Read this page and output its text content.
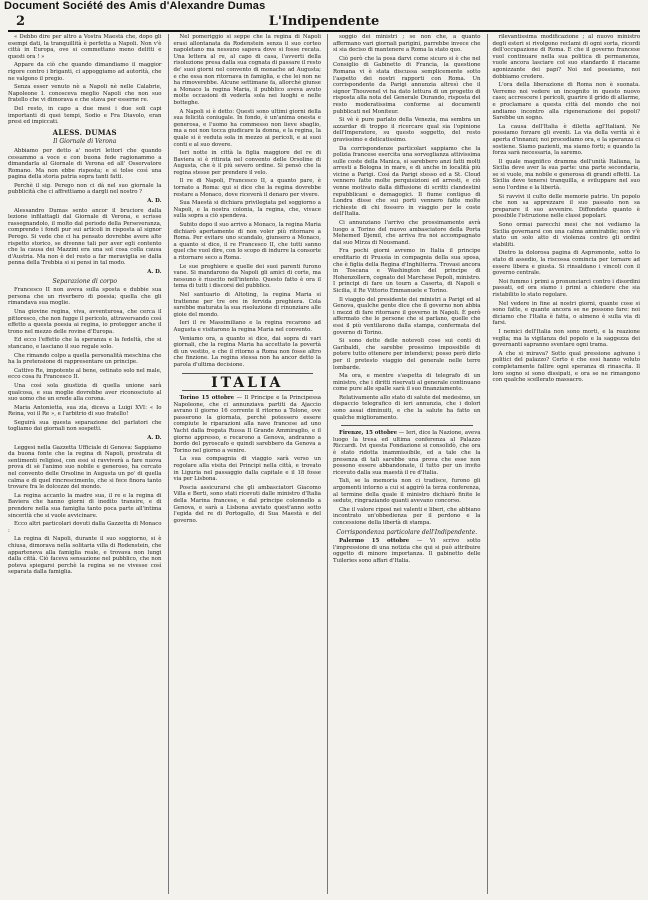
Document Société des Amis d'Alexandre Dumas
2	L'Indipendente

« Debbo dire per altro a Vostra Maestà che, dopo gli esempi dati, la tranquillità è perfetta a Napoli. Non v'è città in Europa, ove si commettano meno delitti e questi ora ! »

Appare da ciò che quando dimandiamo il maggior rigore contro i briganti, ci appoggiamo ad autorità, che ne valgono il pregio.

Senza esser venuto nè a Napoli nè nelle Calabrie, Napoleone I. conosceva meglio Napoli che non suo fratello che vi dimorava e che stava per esserne re.

Del resto, in capo a due mesi i due soli capi importanti di quei tempi, Sodio e Fra Diavolo, eran presi ed impiccati.

ALESS. DUMAS
Il Giornale di Verona

Abbiamo per detto a' nostri lettori che quando cessammo a voce e con buona fede ragionammo a dimandarla al Giornale di Verona ed all' Osservatore Romano. Ma non ebbe risposta; e si tolse così una pagina della storia patria sopra tanti fatti.

Perchè il sig. Perego non ci dà nel suo giornale la pubblicità che ci affrettiamo a dargli nel nostro ?

A. D.

Alessandro Dumas sento ancor il bruciore dalla lezione infilattagli dal Giornale di Verona, e scrisse rassegnandolo, il molto dal periodo della Perseveranza, comprendo i fondi pur sui articoli in risposta al signor Perego. Si vede che ci ha pensato dovrebbe avere alto rispetto storico, se divenne tali per aver egli contento che la causa dei Mazzini era una sol cosa colla causa d'Austria. Ma non è del resto a far meraviglia se dalla penna della Trebbia si si pensi in tal modo.

A. D.
Separazione di corpo

Francesco II non aveva sulla sposta e dubbie sua persona che un riverbero di poesia; quella che gli rimandava sua moglie.

Una giovine regina, viva, avventurosa, che cerca il pittoresco, che non fugge il pericolo, attraversando così effetto a questa poesia ai regina, io protegger anche il trono nel mezzo delle rovine d'Europa.

Ed ecco l'effetto che la speranza e la fedeltà, che si stancano, e lasciano il suo regale solo.

Che rimando colpo a quella personalità meschina che ha la pretensione di rappresentare un principe.

Cattivo Re, impotente al bene, ostinato solo nel male, ecco cosa fu Francesco II.

Una così sola giustizia di quella unione sarà qualcosa, e sua moglie dovrebbe aver riconosciuto al suo uomo che un erede alla corona.

Maria Antonietta, sua zia, diceva a Luigi XVI: « Io Reina, voi il Re », e l'arbitrio di suo fratello!

Seguirà sua questa separazione del parlatori che togliamo dai giornali non sospetti.

A. D.

Leggesi nella Gazzetta Ufficiale di Genova: Sappiamo da buona fonte che la regina di Napoli, prostrata di sentimenti religiosi, con essi si ravviverà a fare nuova prova di sè l'animo suo nobile e generoso, ha cercato nel convento delle Orsoline in Augusta un po' di quella calma e di quel rincrescimento, che si fece finora tanto trovare fra le dolcezze del mondo.

La regina accanto la madre sua, il re e la regina di Baviera che hanno giorni di inedito transire, e di prendere nella sua famiglia tanto poca parte all'intima sincerità che si vuole avvicinare.

Ecco altri particolari dovuti dalla Gazzetta di Monaco :

La regina di Napoli, durante il suo soggiorno, si è chiusa, dimorava nella solitaria villa di Rodenstein, che apparteneva alla famiglia reale, e trovava non lungi dalla città. Ciò faceva sensazione nel pubblico, che non poteva spiegarsi perchè la regina se ne vivesse così separata dalla famiglia.

Nel pomeriggio si seppe che la regina di Napoli erasi allontanata da Rodenstein senza il suo corteo napoletano ma nessuno sapeva dove si fosse recata. Una lettera al re, al capo di casa, l'avverti della risoluzione presa dalla sua cognata di passare il resto de' suoi giorni nel convento di monache ad Augusta; e che essa non ritornava in famiglia, e che lei non ne ha rimoverebbe. Alcune settimane fa, allorchè giunse a Monaco la regina Maria, il pubblico aveva avuto molte occasioni di vederla sola nei luoghi e nelle botteghe.

A Napoli si è detto: Questi sono ultimi giorni della sua felicità coniugale. In fondo, è un'anima onesta e generosa, e l'uomo ha commesso non lieve sbaglio, ma a noi non tocca giudicare la donna, e la regina, la quale si è veduta sola in mezzo ai pericoli, e ai suoi conti e al suo dovere.

Ieri notte in città la figlia maggiore del re di Baviera si è ritirata nel convento delle Orsoline di Augusta, che è il più severo ordine. Si pensò che la regina stesse per prendere il velo.

Il re di Napoli, Francesco II, a quanto pare, è tornato a Roma: qui si dice che la regina dovrebbe restare a Monaco, dove riceverà il denaro per vivere.

Sua Maestà si dichiara privilegiata pel soggiorno a Napoli, e la nostra colonia, la regina, che, vivace sulla sopra a ciò spendeva.

Subito dopo il suo arrivo a Monaco, la regina Maria dichiarò apertamente di non voler più ritornare a Roma. Per evitare uno scandalo, giunsero a Monaco, a quanto si dice, il re Francesco II, che tutti sanno quel che vuol dire, con lo scopo di indurre la consorte a ritornare seco a Roma.

Le sue preghiere e quelle dei suoi parenti furono vane. Si mandarono da Napoli gli amici di corte, ma nessuno è riuscito nell'intento. Questo fatto è ora il tema di tutti i discorsi del pubblico.

Nel santuario di Altoting, la regina Maria si trattenne per tre ore in fervida preghiera. Cola sarebbe maturata la sua risoluzione di rinunziare alle gioie del mondo.

Ieri il re Massimiliano e la regina recarono ad Augusta e visitarono la regina Maria nel convento.

Veniamo ora, a quanto si dice, dai sopra di vari giornali, che la regina Maria ha accettato la povertà di un vestito, e che il ritorno a Roma non fosse altro che finzione. La regina stessa non ha ancor detto la parola d'ultima decisione.

ITALIA

Torino 15 ottobre — Il Principe e la Principessa Napoleone, che ci annunziava partiti da Ajaccio avrano il giorno 16 corrente il ritorno a Tolone, ove passerono la giornata, perchè potessero essere compiute le riparazioni alla nave francese ad uno Yacht dalla fregata Russa Il Grande Ammiraglio, e il giorno appresso, e recarono a Genova, andranno a bordo del pyroscafo e quindi sarebbero da Genova a Torino nel giorno a venire.

La sua compagnia di viaggio sarà verso un regolare alla visita dei Principi nella città, e trovato in Liguria nel passaggio dalla capitale e il 18 fosse via per Lisbona.

Poscia assicurarsi che gli ambasciatori Giacomo Villa e Berti, sono stati ricevuti dalle ministro d'Italia della Marina francese, e dal principe colonnello a Genova, e sarà a Lisbona avviato quest'anno sotto l'egida del re di Portogallo, di Sua Maestà e del governo.

soggio dei ministri ; se non che, a quanto affermano vari giornali parigini, parrebbe invece che si sia deciso di mantenere a Roma la stato quo.

Ciò però che la posa darvi come sicuro si è che nel Consiglio di Gabinetto di Francia, la questione Romana vi è stata discussa semplicemente sotto l'aspetto dei nostri rapporti con Roma. Un corrispondente da Parigi annunzia altresì che il signor Thouvenel vi ha dato lettura di un progetto di risposta alla nota del Generale Durando, risposta del resto moderatissima conforme ai documenti pubblicati nel Moniteur.

Si vè è pure parlato della Venezia, ma sembra un azzardar di troppo il ricercare qual sia l'opinione dell'Imperatore, su questo soggetto, del resto gravissimo e delicatissimo.

Da corrispondenze particolari sappiamo che la polizia francese esercita una sorveglianza attivissima sulle coste della Manica, si sarebbero anzi fatti molti arresti a Bologna in mare, e di anche in località più vicine a Parigi. Così da Parigi stesso ed a St. Cloud vennero fatte molte perquisizioni ed arresti, e ciò venne motivato dalla diffusione di scritti clandestini repubblicani e demagogici. Il fiume contiguo di Londra disse che sui porti vennero fatte molte richieste di chi fossero in viaggio per le coste dell'Italia.

Ci annunziano l'arrivo che prossimamente avrà luogo a Torino del nuovo ambasciatore della Porta Mehemed Djemil, che arriva fra noi accompagnato dal suo Mirza di Nousmand.

Fra pochi giorni avremo in Italia il principe ereditario di Prussia in compagnia della sua sposa, che è figlia della Regina d'Inghilterra. Trovasi ancora in Toscana e Washington del principe di Hohenzollern, cognato del Marchese Pepoli, ministro. I principi di fare un tourn a Caserta, di Napoli e Sicilia, il Re Vittorio Emmanuele e Torino.

Il viaggio del presidente dei ministri a Parigi ed al Genova, qualche gente dice che il governo non abbia i mezzi di fare ritornare il governo in Napoli. È però affermato che le persone che si parlano, quelle che essi il più ventilarono dalla stampa, confermata del governo di Torino.

Si sono dette delle notevoli cose sui conti di Garibaldi, che sarebbe prossimo impossibile di potere tutto ottenere per intendersi; posso però dirlo per il pretesto viaggio del generale nelle terre lombarde.

Ma ora, e mentre s'aspetta di telegrafo di un ministro, che i diritti riservati al generale continuano come pure alle spalle sarà il suo finanziamento.

Relativamente allo stato di salute del medesimo, un dispaccio telegrafico di ieri annunzia, che i dolori sono assai diminuiti, e che la salute ha fatto un qualche miglioramento.

Firenze, 15 ottobre — Ieri, dice la Nazione, aveva luogo la tresa ed ultima conferenza al Palazzo Riccardi. Ivi questa Fondazione si consolidò, che ora è stato ridotta inammissibile, ed a tale che la presenza di tali sarebbe una prova che esse non possono essere abbandonate, il tutto per un invito ricevuto dalla sua maestà il re d'Italia.

Tali, se la memoria non ci tradisce, furono gli argomenti intorno a cui si aggirò la terza conferenza, al termine della quale il ministro dichiarò finite le sedute, ringraziando quanti avevano concorso.

Che il valore riposi nei valenti e liberi, che abbiano incontrato un'obbedienza per il perdono e la concessione della libertà di stampa.

Corrispondenza particolare dell'Indipendente.

Palermo 15 ottobre — Vi scrivo sotto l'impressione di una notizia che qui si può attribuire oggetto di minore importanza. Il gabinetto delle Tuileries sono affari d'Italia.

rilevantissima modificazione ; al nuovo ministro degli esteri si rivolgono reclami di ogni sorta, ricordi dell'occupazione di Roma. E che il governo francese vuol continuare nella sua politica di permanenza, vuole ancora lasciare col suo standardo il riacame agonizzante dei papi? Noi nol possiamo, noi dobbiamo credere.

L'ora della liberazione di Roma non è suonata. Verremo noi vedere un incognito in questo nuovo caso; accrescere i pericoli, guarire il grido di allarme, e proclamare a questa città del mondo che noi andiamo incontro alla rigenerazione dei popoli? Sarebbe un sogno.

La causa dell'Italia è diletta agl'Italiani. Ne possiamo forzare gli eventi. La via della verità sì è aperta d'innanzi; noi procediamo ora, e la speranza ci sostiene. Siamo pazienti, ma siamo forti; e quando la forza sarà necessaria, la saremo.

Il quale magnifico dramma dell'unità Italiana, la Sicilia deve aver la sua parte: una parte secondaria, se si vuole, ma nobile e generosa di grandi effetti. La Sicilia deve tenersi tranquilla, e sviluppare nel suo seno l'ordine e la libertà.

Si ravvivi il culto delle memorie patrie. Un popolo che non sa apprezzare il suo passato non sa preparare il suo avvenire. Diffondete quanto è possibile l'istruzione nelle classi popolari.

Sono ormai parecchi mesi che noi vediamo la Sicilia governarsi con una calma ammirabile; non v'è stato un solo atto di violenza contro gli ordini stabiliti.

Dietro la dolorosa pagina di Aspromonte, sotto lo stato di assedio, la riscossa comincia per tornare ad essere libera e giusta. Si rinsaldano i vincoli con il governo centrale.

Noi fummo i primi a pronunciarci contro i disordini passati, ed ora siamo i primi a chiedere che sia ristabilito lo stato regolare.

Nel vedere in fine ai nostri giorni, quante cose si sono fatte, e quante ancora se ne possono fare: noi diciamo che l'Italia è fatta, o almeno è sulla via di farsi.

I nemici dell'Italia non sono morti, e la reazione veglia; ma la vigilanza del popolo e la saggezza dei governanti sapranno sventare ogni trama.

A che si mirava? Sotto qual pressione agivano i politici del palazzo? Certo è che essi hanno voluto completamente fallire ogni speranza di rinascita. Il loro sogno si sono dissipati, e ora se ne rimangono con qualche scellerato massacro.
